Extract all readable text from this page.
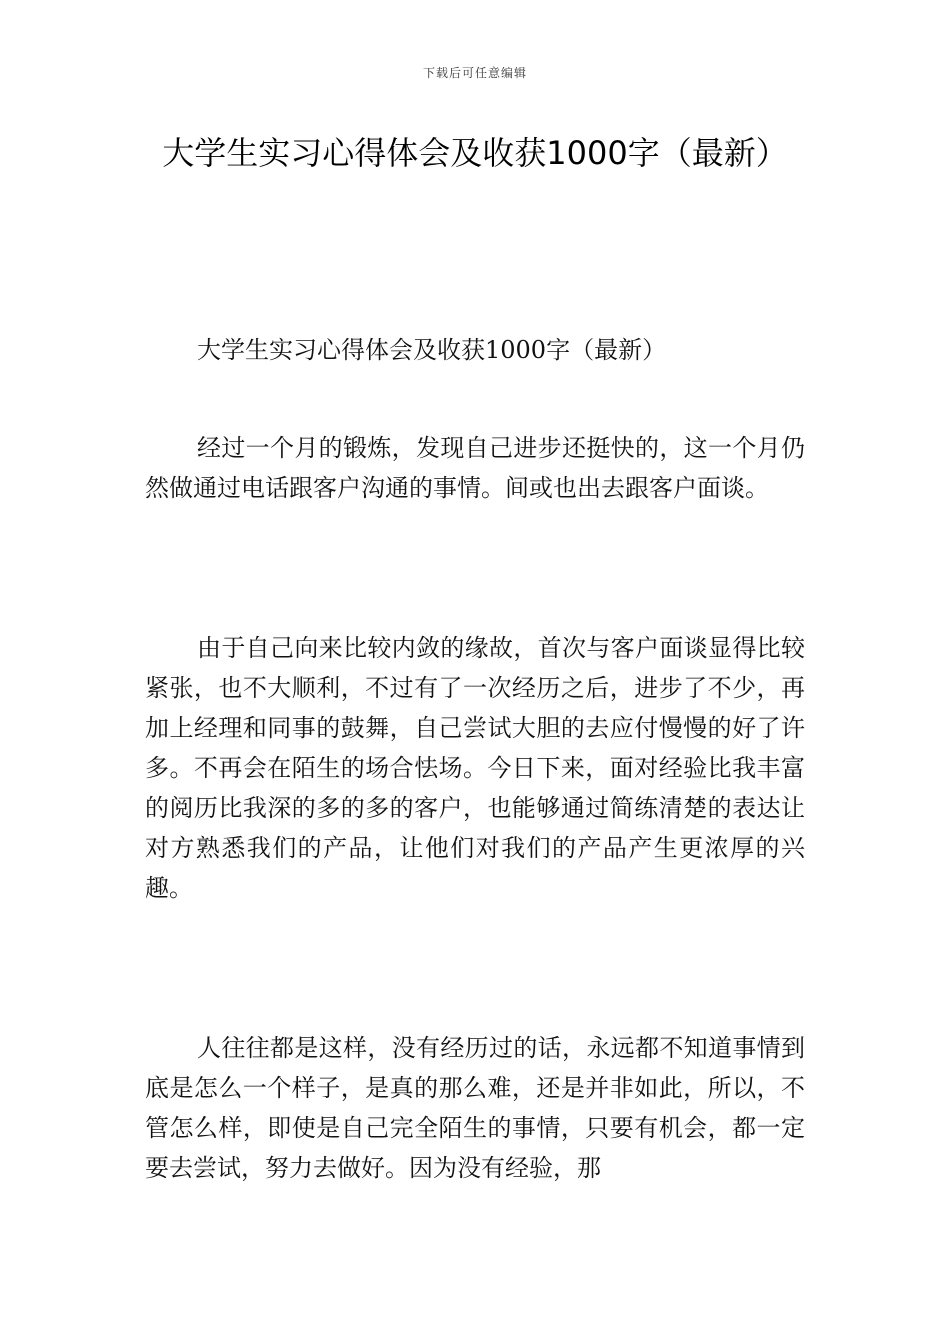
下载后可任意编辑
大学生实习心得体会及收获1000字（最新）

大学生实习心得体会及收获1000字（最新）

经过一个月的锻炼，发现自己进步还挺快的，这一个月仍然做通过电话跟客户沟通的事情。间或也出去跟客户面谈。

由于自己向来比较内敛的缘故，首次与客户面谈显得比较紧张，也不大顺利，不过有了一次经历之后，进步了不少，再加上经理和同事的鼓舞，自己尝试大胆的去应付慢慢的好了许多。不再会在陌生的场合怯场。今日下来，面对经验比我丰富的阅历比我深的多的多的客户，也能够通过简练清楚的表达让对方熟悉我们的产品，让他们对我们的产品产生更浓厚的兴趣。

人往往都是这样，没有经历过的话，永远都不知道事情到底是怎么一个样子，是真的那么难，还是并非如此，所以，不管怎么样，即使是自己完全陌生的事情，只要有机会，都一定要去尝试，努力去做好。因为没有经验，那
